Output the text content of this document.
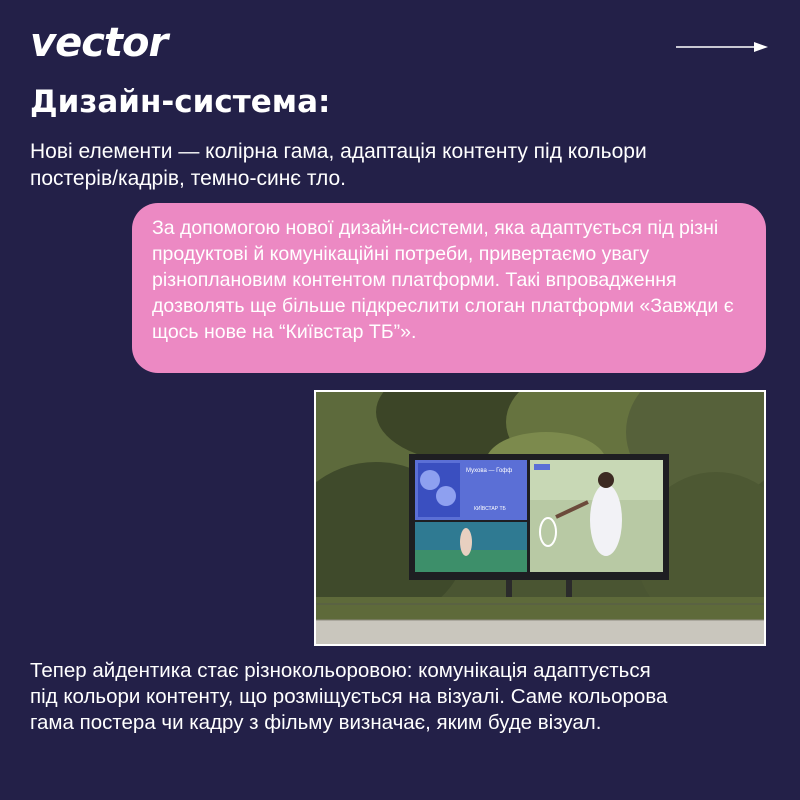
vector
Дизайн-система:
Нові елементи — колірна гама, адаптація контенту під кольори постерів/кадрів, темно-синє тло.
За допомогою нової дизайн-системи, яка адаптується під різні продуктові й комунікаційні потреби, привертаємо увагу різноплановим контентом платформи. Такі впровадження дозволять ще більше підкреслити слоган платформи «Завжди є щось нове на “Київстар ТБ”».
Мухова — Гофф
КИЇВСТАР ТБ
Тепер айдентика стає різнокольоровою: комунікація адаптується під кольори контенту, що розміщується на візуалі. Саме кольорова гама постера чи кадру з фільму визначає, яким буде візуал.
